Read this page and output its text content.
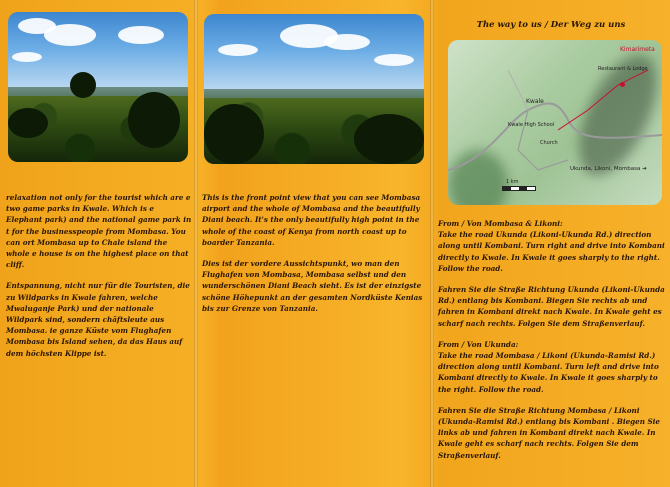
relaxation not only for the tourist which are e two game parks in Kwale. Which is e Elephant park) and the national game park in t for the businesspeople from Mombasa. You can ort Mombasa up to Chale island the whole e house is on the highest place on that cliff.

Entspannung, nicht nur für die Touristen, die zu Wildparks in Kwale fahren, welche Mwaluganje Park) und der nationale Wildpark sind, sondern chäftsleute aus Mombasa. ie ganze Küste vom Flughafen Mombasa bis Island sehen, da das Haus auf dem höchsten Klippe ist.

This is the front point view that you can see Mombasa airport and the whole of Mombasa and the beautifully Diani beach. It's the only beautifully high point in the whole of the coast of Kenya from north coast up to boarder Tanzania.

Dies ist der vordere Aussichtspunkt, wo man den Flughafen von Mombasa, Mombasa selbst und den wunderschönen Diani Beach sieht. Es ist der einzigste schöne Höhepunkt an der gesamten Nordküste Kenias bis zur Grenze von Tanzania.

The way to us / Der Weg zu uns
Kimarimeta
Restaurant & Lodge
Kwale
Kwale High School
Church
Ukunda, Likoni, Mombasa ➔
1 km

From / Von Mombasa & Likoni:

Take the road Ukunda (Likoni-Ukunda Rd.) direction along until Kombani. Turn right and drive into Kombani directly to Kwale. In Kwale it goes sharply to the right. Follow the road.

Fahren Sie die Straße Richtung Ukunda (Likoni-Ukunda Rd.) entlang bis Kombani. Biegen Sie rechts ab und fahren in Kombani direkt nach Kwale. In Kwale geht es scharf nach rechts. Folgen Sie dem Straßenverlauf.

From / Von Ukunda:

Take the road Mombasa / Likoni (Ukunda-Ramisi Rd.) direction along until Kombani. Turn left and drive into Kombani directly to Kwale. In Kwale it goes sharply to the right. Follow the road.

Fahren Sie die Straße Richtung Mombasa / Likoni (Ukunda-Ramisi Rd.) entlang bis Kombani . Biegen Sie links ab und fahren in Kombani direkt nach Kwale. In Kwale geht es scharf nach rechts. Folgen Sie dem Straßenverlauf.
